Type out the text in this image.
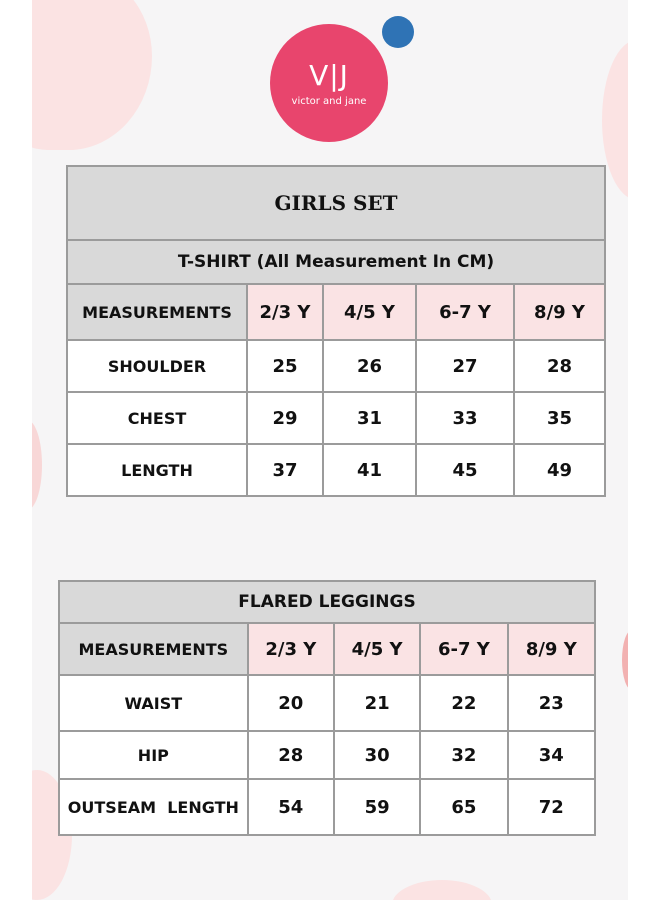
V|J
victor and jane
GIRLS SET				
T-SHIRT (All Measurement In CM)				
MEASUREMENTS	2/3 Y	4/5 Y	6-7 Y	8/9 Y
SHOULDER	25	26	27	28
CHEST	29	31	33	35
LENGTH	37	41	45	49
FLARED LEGGINGS				
MEASUREMENTS	2/3 Y	4/5 Y	6-7 Y	8/9 Y
WAIST	20	21	22	23
HIP	28	30	32	34
OUTSEAM  LENGTH	54	59	65	72
